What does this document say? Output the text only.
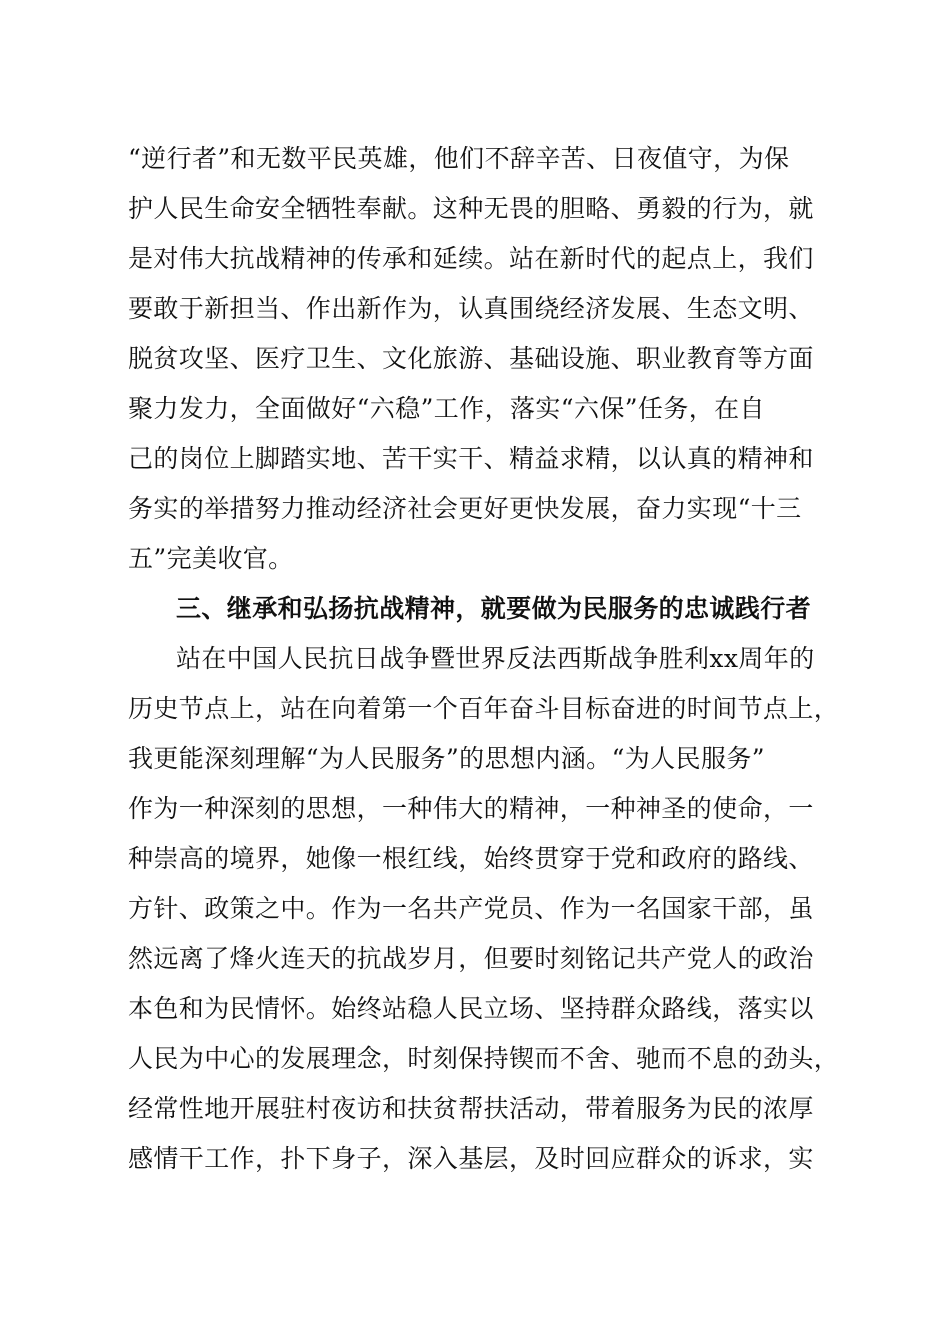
“逆行者”和无数平民英雄，他们不辞辛苦、日夜值守，为保
护人民生命安全牺牲奉献。这种无畏的胆略、勇毅的行为，就
是对伟大抗战精神的传承和延续。站在新时代的起点上，我们
要敢于新担当、作出新作为，认真围绕经济发展、生态文明、
脱贫攻坚、医疗卫生、文化旅游、基础设施、职业教育等方面
聚力发力，全面做好“六稳”工作，落实“六保”任务，在自
己的岗位上脚踏实地、苦干实干、精益求精，以认真的精神和
务实的举措努力推动经济社会更好更快发展，奋力实现“十三
五”完美收官。
三、继承和弘扬抗战精神，就要做为民服务的忠诚践行者
站在中国人民抗日战争暨世界反法西斯战争胜利xx周年的
历史节点上，站在向着第一个百年奋斗目标奋进的时间节点上，
我更能深刻理解“为人民服务”的思想内涵。“为人民服务”
作为一种深刻的思想，一种伟大的精神，一种神圣的使命，一
种崇高的境界，她像一根红线，始终贯穿于党和政府的路线、
方针、政策之中。作为一名共产党员、作为一名国家干部，虽
然远离了烽火连天的抗战岁月，但要时刻铭记共产党人的政治
本色和为民情怀。始终站稳人民立场、坚持群众路线，落实以
人民为中心的发展理念，时刻保持锲而不舍、驰而不息的劲头，
经常性地开展驻村夜访和扶贫帮扶活动，带着服务为民的浓厚
感情干工作，扑下身子，深入基层，及时回应群众的诉求，实
